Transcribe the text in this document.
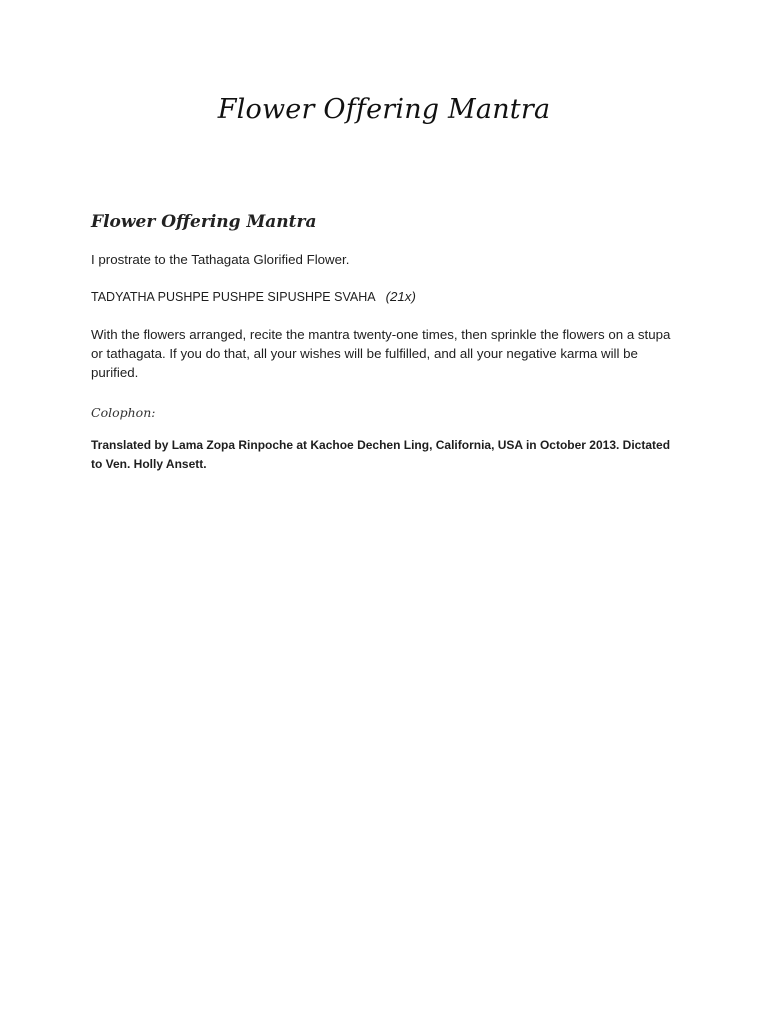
Flower Offering Mantra
Flower Offering Mantra

I prostrate to the Tathagata Glorified Flower.

TADYATHA PUSHPE PUSHPE SIPUSHPE SVAHA (21x)

With the flowers arranged, recite the mantra twenty-one times, then sprinkle the flowers on a stupa or tathagata. If you do that, all your wishes will be fulfilled, and all your negative karma will be purified.

Colophon:

Translated by Lama Zopa Rinpoche at Kachoe Dechen Ling, California, USA in October 2013. Dictated to Ven. Holly Ansett.
